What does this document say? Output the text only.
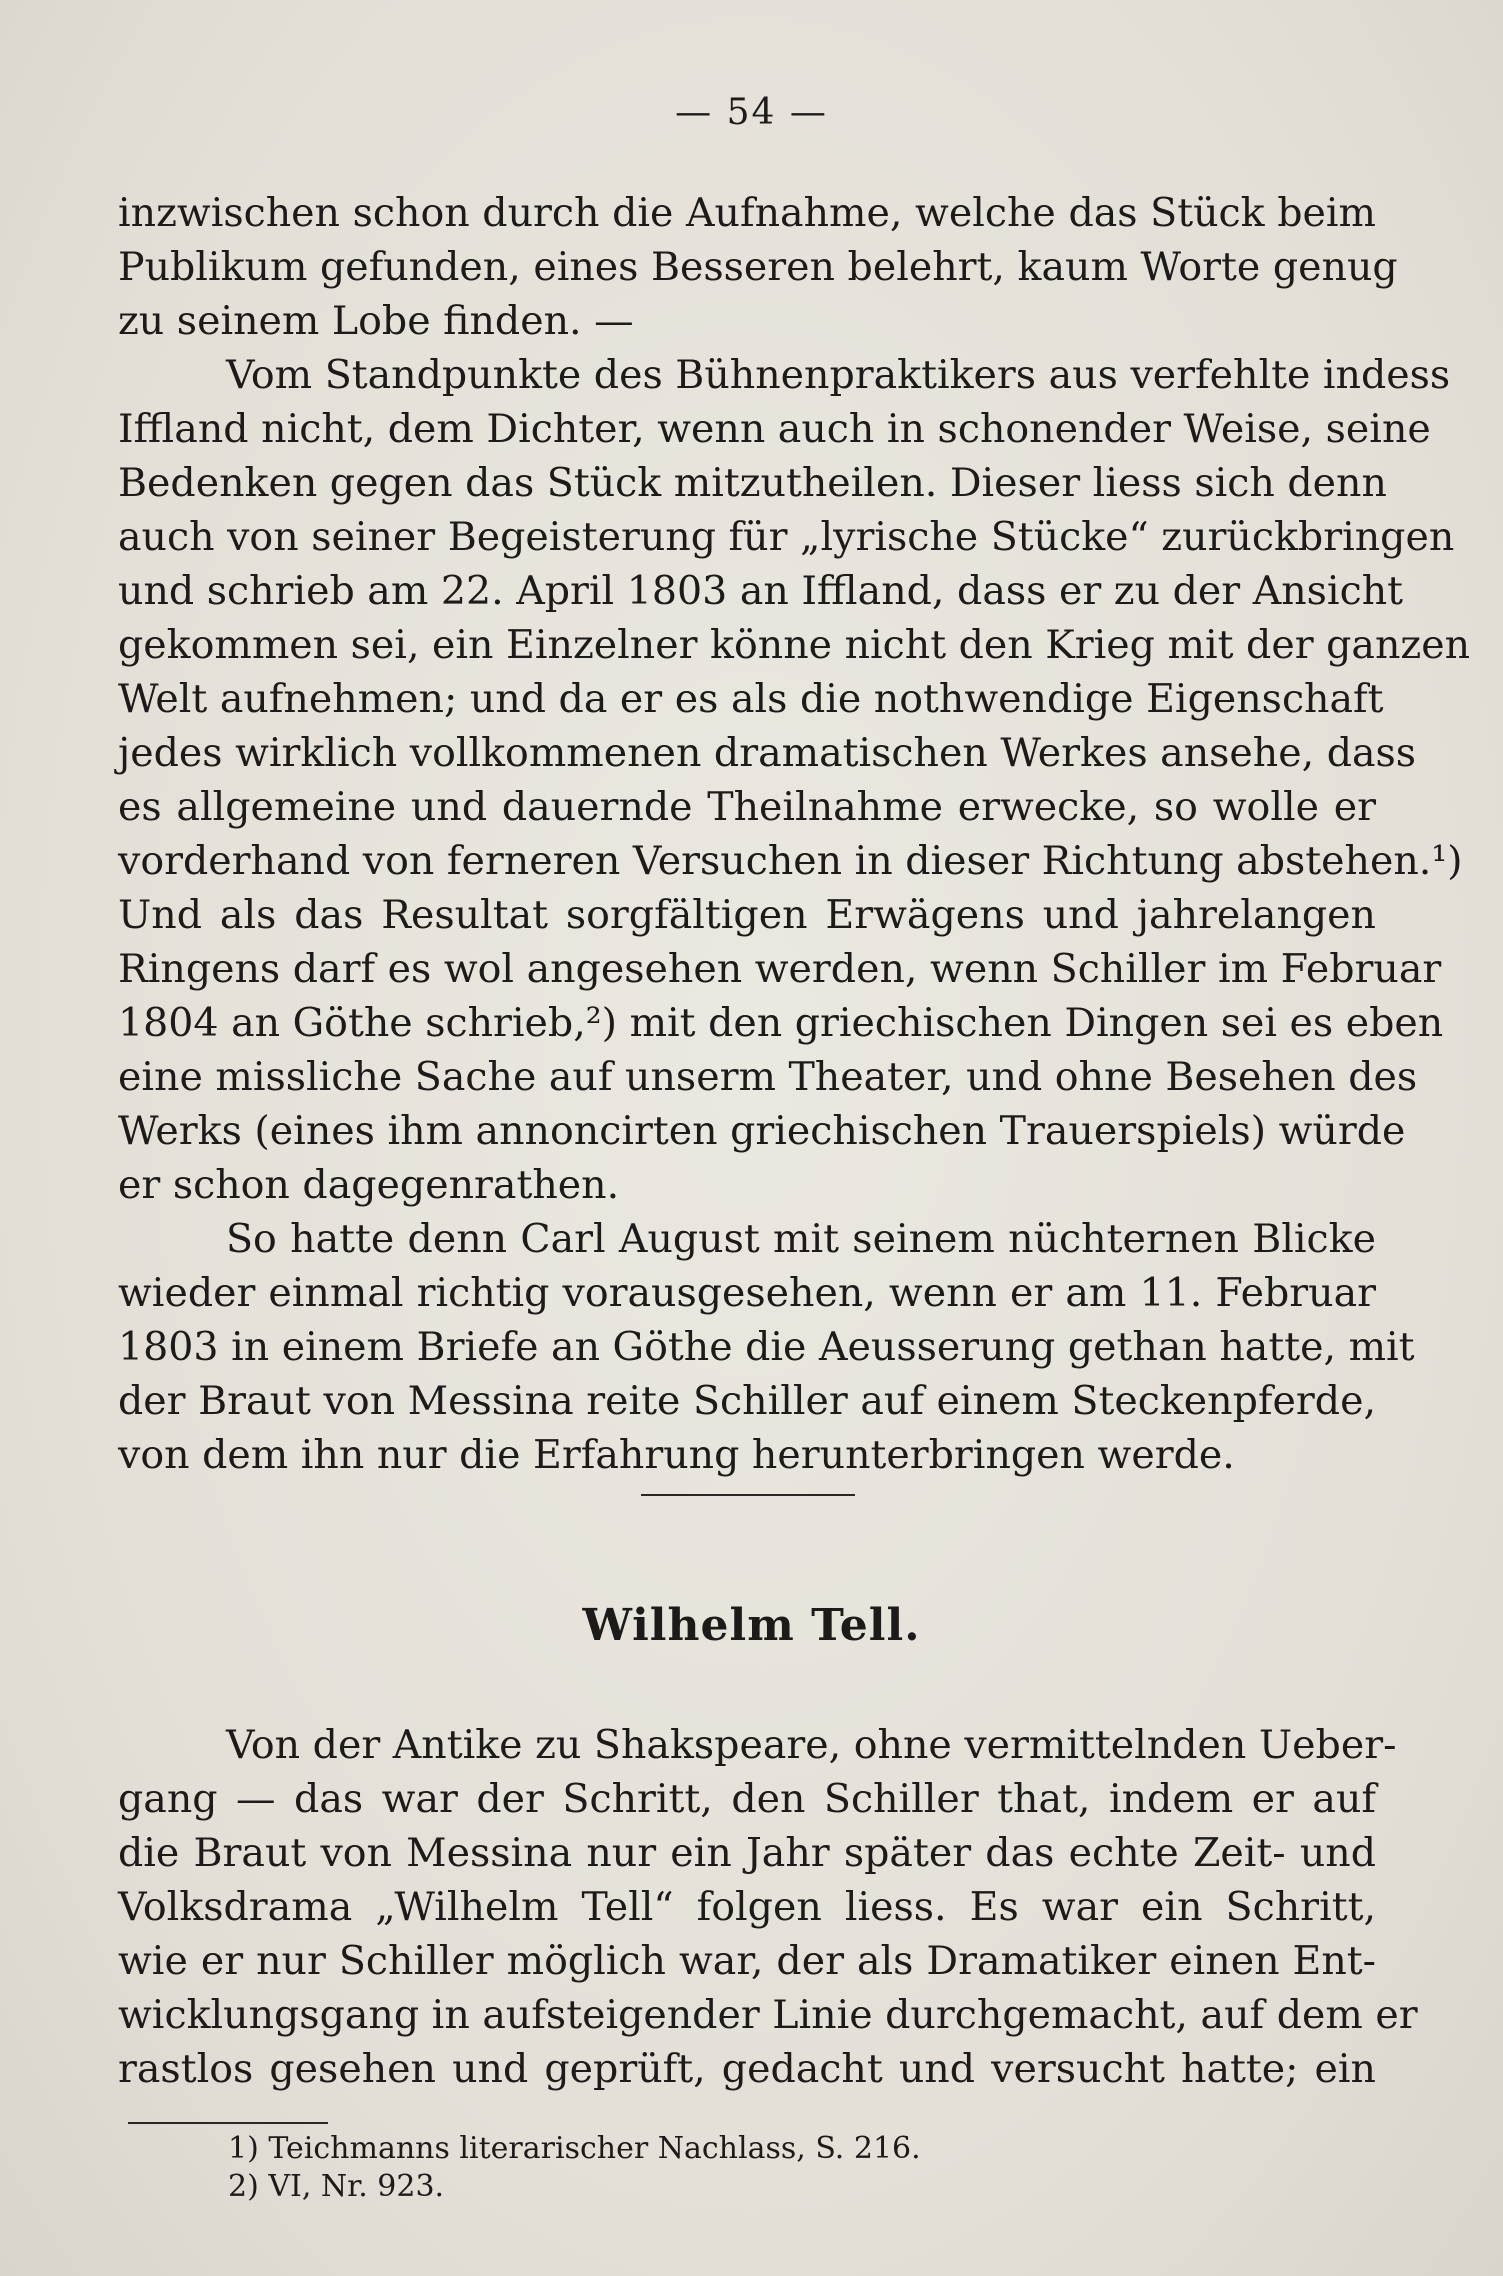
— 54 —
inzwischen schon durch die Aufnahme, welche das Stück beim
Publikum gefunden, eines Besseren belehrt, kaum Worte genug
zu seinem Lobe finden. —
Vom Standpunkte des Bühnenpraktikers aus verfehlte indess
Iffland nicht, dem Dichter, wenn auch in schonender Weise, seine
Bedenken gegen das Stück mitzutheilen. Dieser liess sich denn
auch von seiner Begeisterung für „lyrische Stücke“ zurückbringen
und schrieb am 22. April 1803 an Iffland, dass er zu der Ansicht
gekommen sei, ein Einzelner könne nicht den Krieg mit der ganzen
Welt aufnehmen; und da er es als die nothwendige Eigenschaft
jedes wirklich vollkommenen dramatischen Werkes ansehe, dass
es allgemeine und dauernde Theilnahme erwecke, so wolle er
vorderhand von ferneren Versuchen in dieser Richtung abstehen.¹)
Und als das Resultat sorgfältigen Erwägens und jahrelangen
Ringens darf es wol angesehen werden, wenn Schiller im Februar
1804 an Göthe schrieb,²) mit den griechischen Dingen sei es eben
eine missliche Sache auf unserm Theater, und ohne Besehen des
Werks (eines ihm annoncirten griechischen Trauerspiels) würde
er schon dagegenrathen.
So hatte denn Carl August mit seinem nüchternen Blicke
wieder einmal richtig vorausgesehen, wenn er am 11. Februar
1803 in einem Briefe an Göthe die Aeusserung gethan hatte, mit
der Braut von Messina reite Schiller auf einem Steckenpferde,
von dem ihn nur die Erfahrung herunterbringen werde.
Wilhelm Tell.
Von der Antike zu Shakspeare, ohne vermittelnden Ueber-
gang — das war der Schritt, den Schiller that, indem er auf
die Braut von Messina nur ein Jahr später das echte Zeit- und
Volksdrama „Wilhelm Tell“ folgen liess. Es war ein Schritt,
wie er nur Schiller möglich war, der als Dramatiker einen Ent-
wicklungsgang in aufsteigender Linie durchgemacht, auf dem er
rastlos gesehen und geprüft, gedacht und versucht hatte; ein
1) Teichmanns literarischer Nachlass, S. 216.
2) VI, Nr. 923.
